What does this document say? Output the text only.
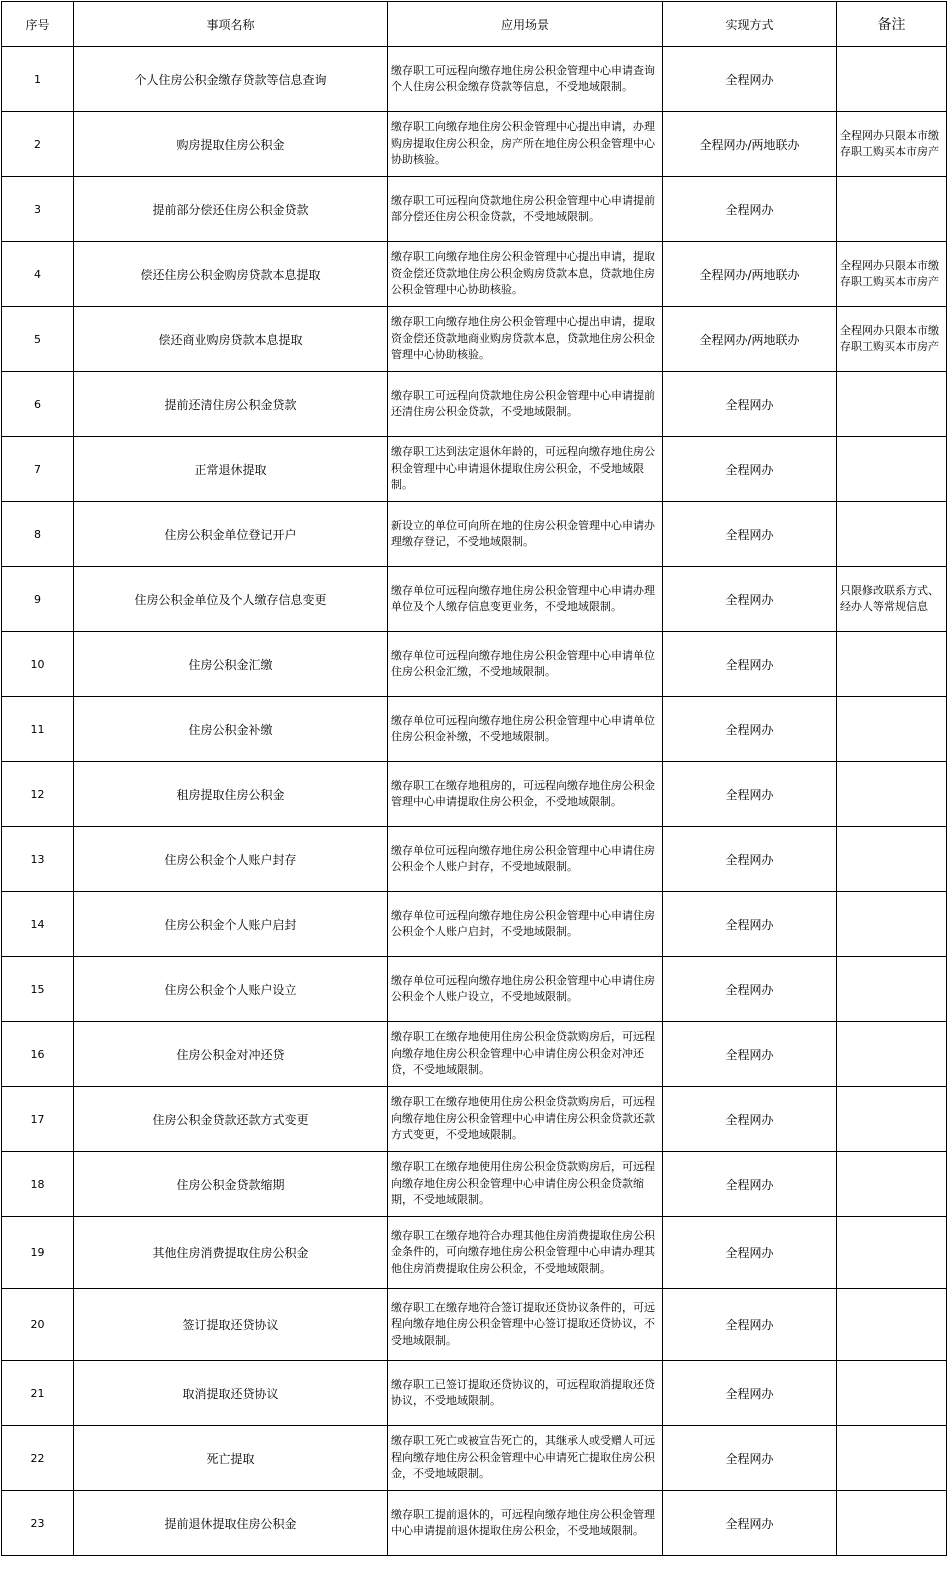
序号	事项名称	应用场景	实现方式	备注
1	个人住房公积金缴存贷款等信息查询	缴存职工可远程向缴存地住房公积金管理中心申请查询个人住房公积金缴存贷款等信息，不受地域限制。	全程网办	
2	购房提取住房公积金	缴存职工向缴存地住房公积金管理中心提出申请，办理购房提取住房公积金，房产所在地住房公积金管理中心协助核验。	全程网办/两地联办	全程网办只限本市缴存职工购买本市房产
3	提前部分偿还住房公积金贷款	缴存职工可远程向贷款地住房公积金管理中心申请提前部分偿还住房公积金贷款，不受地域限制。	全程网办	
4	偿还住房公积金购房贷款本息提取	缴存职工向缴存地住房公积金管理中心提出申请，提取资金偿还贷款地住房公积金购房贷款本息，贷款地住房公积金管理中心协助核验。	全程网办/两地联办	全程网办只限本市缴存职工购买本市房产
5	偿还商业购房贷款本息提取	缴存职工向缴存地住房公积金管理中心提出申请，提取资金偿还贷款地商业购房贷款本息，贷款地住房公积金管理中心协助核验。	全程网办/两地联办	全程网办只限本市缴存职工购买本市房产
6	提前还清住房公积金贷款	缴存职工可远程向贷款地住房公积金管理中心申请提前还清住房公积金贷款，不受地域限制。	全程网办	
7	正常退休提取	缴存职工达到法定退休年龄的，可远程向缴存地住房公积金管理中心申请退休提取住房公积金，不受地域限制。	全程网办	
8	住房公积金单位登记开户	新设立的单位可向所在地的住房公积金管理中心申请办理缴存登记，不受地域限制。	全程网办	
9	住房公积金单位及个人缴存信息变更	缴存单位可远程向缴存地住房公积金管理中心申请办理单位及个人缴存信息变更业务，不受地域限制。	全程网办	只限修改联系方式、经办人等常规信息
10	住房公积金汇缴	缴存单位可远程向缴存地住房公积金管理中心申请单位住房公积金汇缴，不受地域限制。	全程网办	
11	住房公积金补缴	缴存单位可远程向缴存地住房公积金管理中心申请单位住房公积金补缴，不受地域限制。	全程网办	
12	租房提取住房公积金	缴存职工在缴存地租房的，可远程向缴存地住房公积金管理中心申请提取住房公积金，不受地域限制。	全程网办	
13	住房公积金个人账户封存	缴存单位可远程向缴存地住房公积金管理中心申请住房公积金个人账户封存，不受地域限制。	全程网办	
14	住房公积金个人账户启封	缴存单位可远程向缴存地住房公积金管理中心申请住房公积金个人账户启封，不受地域限制。	全程网办	
15	住房公积金个人账户设立	缴存单位可远程向缴存地住房公积金管理中心申请住房公积金个人账户设立，不受地域限制。	全程网办	
16	住房公积金对冲还贷	缴存职工在缴存地使用住房公积金贷款购房后，可远程向缴存地住房公积金管理中心申请住房公积金对冲还贷，不受地域限制。	全程网办	
17	住房公积金贷款还款方式变更	缴存职工在缴存地使用住房公积金贷款购房后，可远程向缴存地住房公积金管理中心申请住房公积金贷款还款方式变更，不受地域限制。	全程网办	
18	住房公积金贷款缩期	缴存职工在缴存地使用住房公积金贷款购房后，可远程向缴存地住房公积金管理中心申请住房公积金贷款缩期，不受地域限制。	全程网办	
19	其他住房消费提取住房公积金	缴存职工在缴存地符合办理其他住房消费提取住房公积金条件的，可向缴存地住房公积金管理中心申请办理其他住房消费提取住房公积金，不受地域限制。	全程网办	
20	签订提取还贷协议	缴存职工在缴存地符合签订提取还贷协议条件的，可远程向缴存地住房公积金管理中心签订提取还贷协议，不受地域限制。	全程网办	
21	取消提取还贷协议	缴存职工已签订提取还贷协议的，可远程取消提取还贷协议，不受地域限制。	全程网办	
22	死亡提取	缴存职工死亡或被宣告死亡的，其继承人或受赠人可远程向缴存地住房公积金管理中心申请死亡提取住房公积金，不受地域限制。	全程网办	
23	提前退休提取住房公积金	缴存职工提前退休的，可远程向缴存地住房公积金管理中心申请提前退休提取住房公积金，不受地域限制。	全程网办	
